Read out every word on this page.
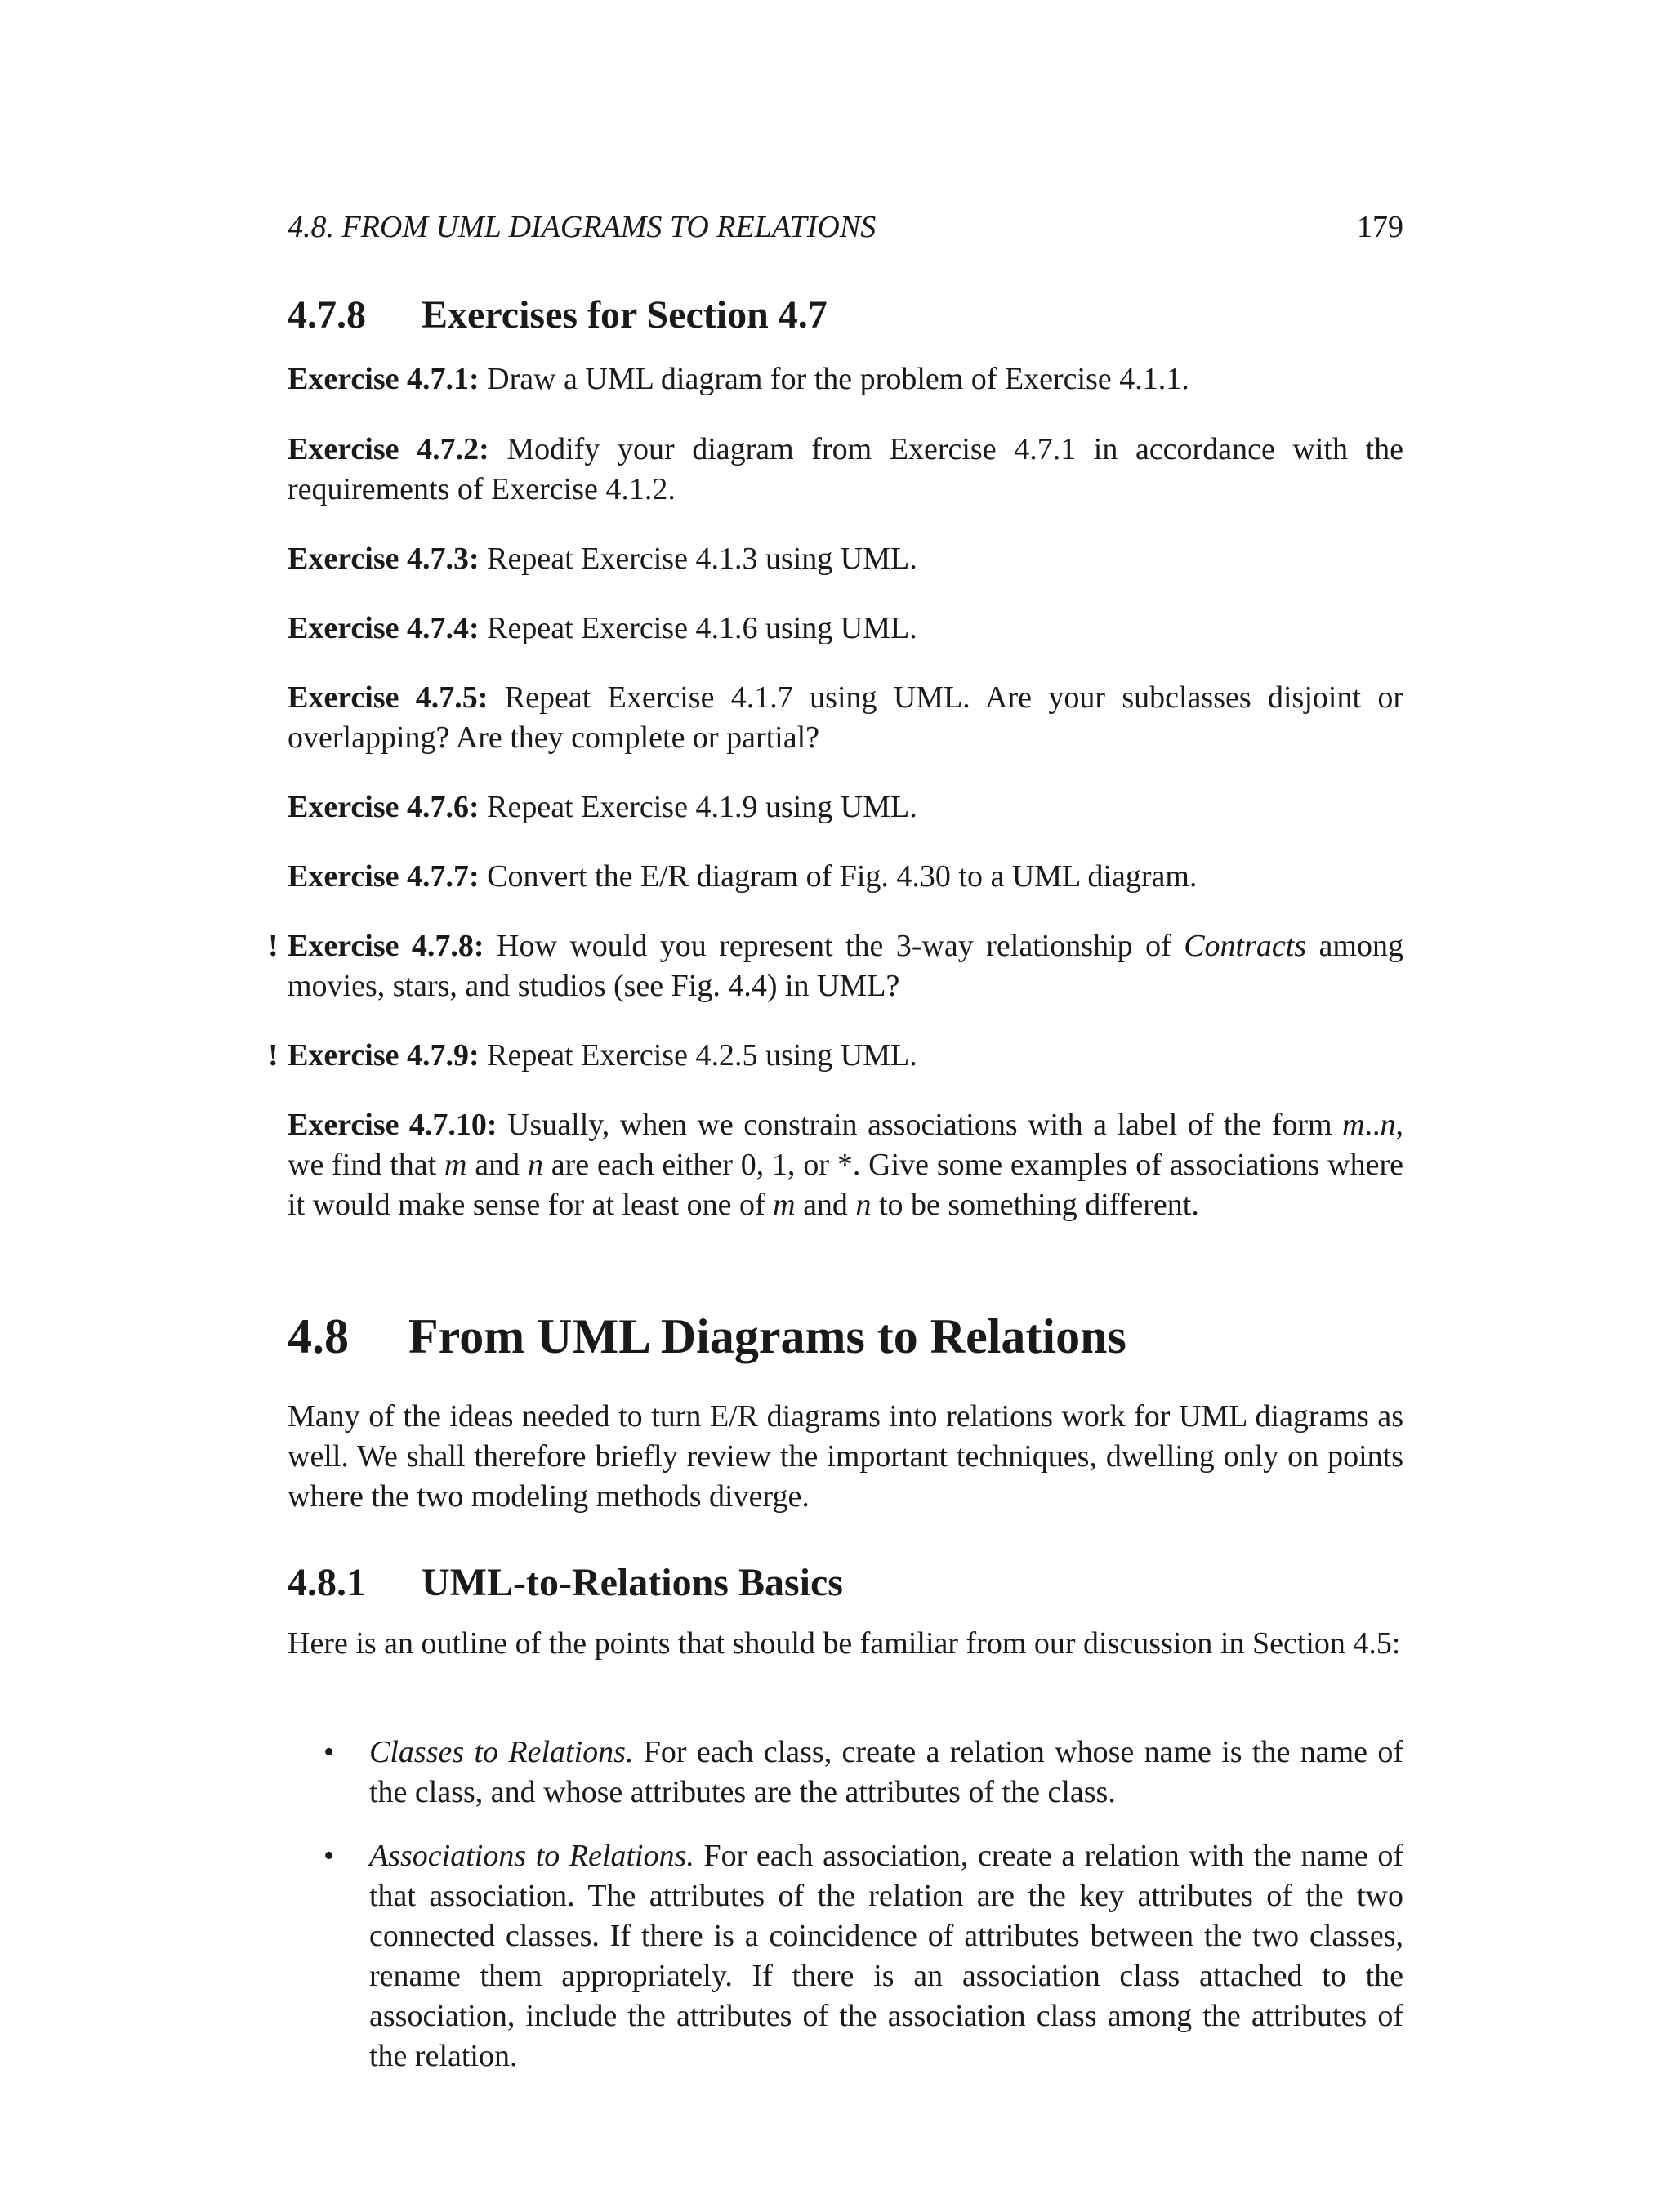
4.8. FROM UML DIAGRAMS TO RELATIONS	179
4.7.8 Exercises for Section 4.7
Exercise 4.7.1: Draw a UML diagram for the problem of Exercise 4.1.1.
Exercise 4.7.2: Modify your diagram from Exercise 4.7.1 in accordance with the requirements of Exercise 4.1.2.
Exercise 4.7.3: Repeat Exercise 4.1.3 using UML.
Exercise 4.7.4: Repeat Exercise 4.1.6 using UML.
Exercise 4.7.5: Repeat Exercise 4.1.7 using UML. Are your subclasses disjoint or overlapping? Are they complete or partial?
Exercise 4.7.6: Repeat Exercise 4.1.9 using UML.
Exercise 4.7.7: Convert the E/R diagram of Fig. 4.30 to a UML diagram.
! Exercise 4.7.8: How would you represent the 3-way relationship of Contracts among movies, stars, and studios (see Fig. 4.4) in UML?
! Exercise 4.7.9: Repeat Exercise 4.2.5 using UML.
Exercise 4.7.10: Usually, when we constrain associations with a label of the form m..n, we find that m and n are each either 0, 1, or *. Give some examples of associations where it would make sense for at least one of m and n to be something different.
4.8 From UML Diagrams to Relations
Many of the ideas needed to turn E/R diagrams into relations work for UML diagrams as well. We shall therefore briefly review the important techniques, dwelling only on points where the two modeling methods diverge.
4.8.1 UML-to-Relations Basics
Here is an outline of the points that should be familiar from our discussion in Section 4.5:
• Classes to Relations. For each class, create a relation whose name is the name of the class, and whose attributes are the attributes of the class.
• Associations to Relations. For each association, create a relation with the name of that association. The attributes of the relation are the key attributes of the two connected classes. If there is a coincidence of attributes between the two classes, rename them appropriately. If there is an association class attached to the association, include the attributes of the association class among the attributes of the relation.
